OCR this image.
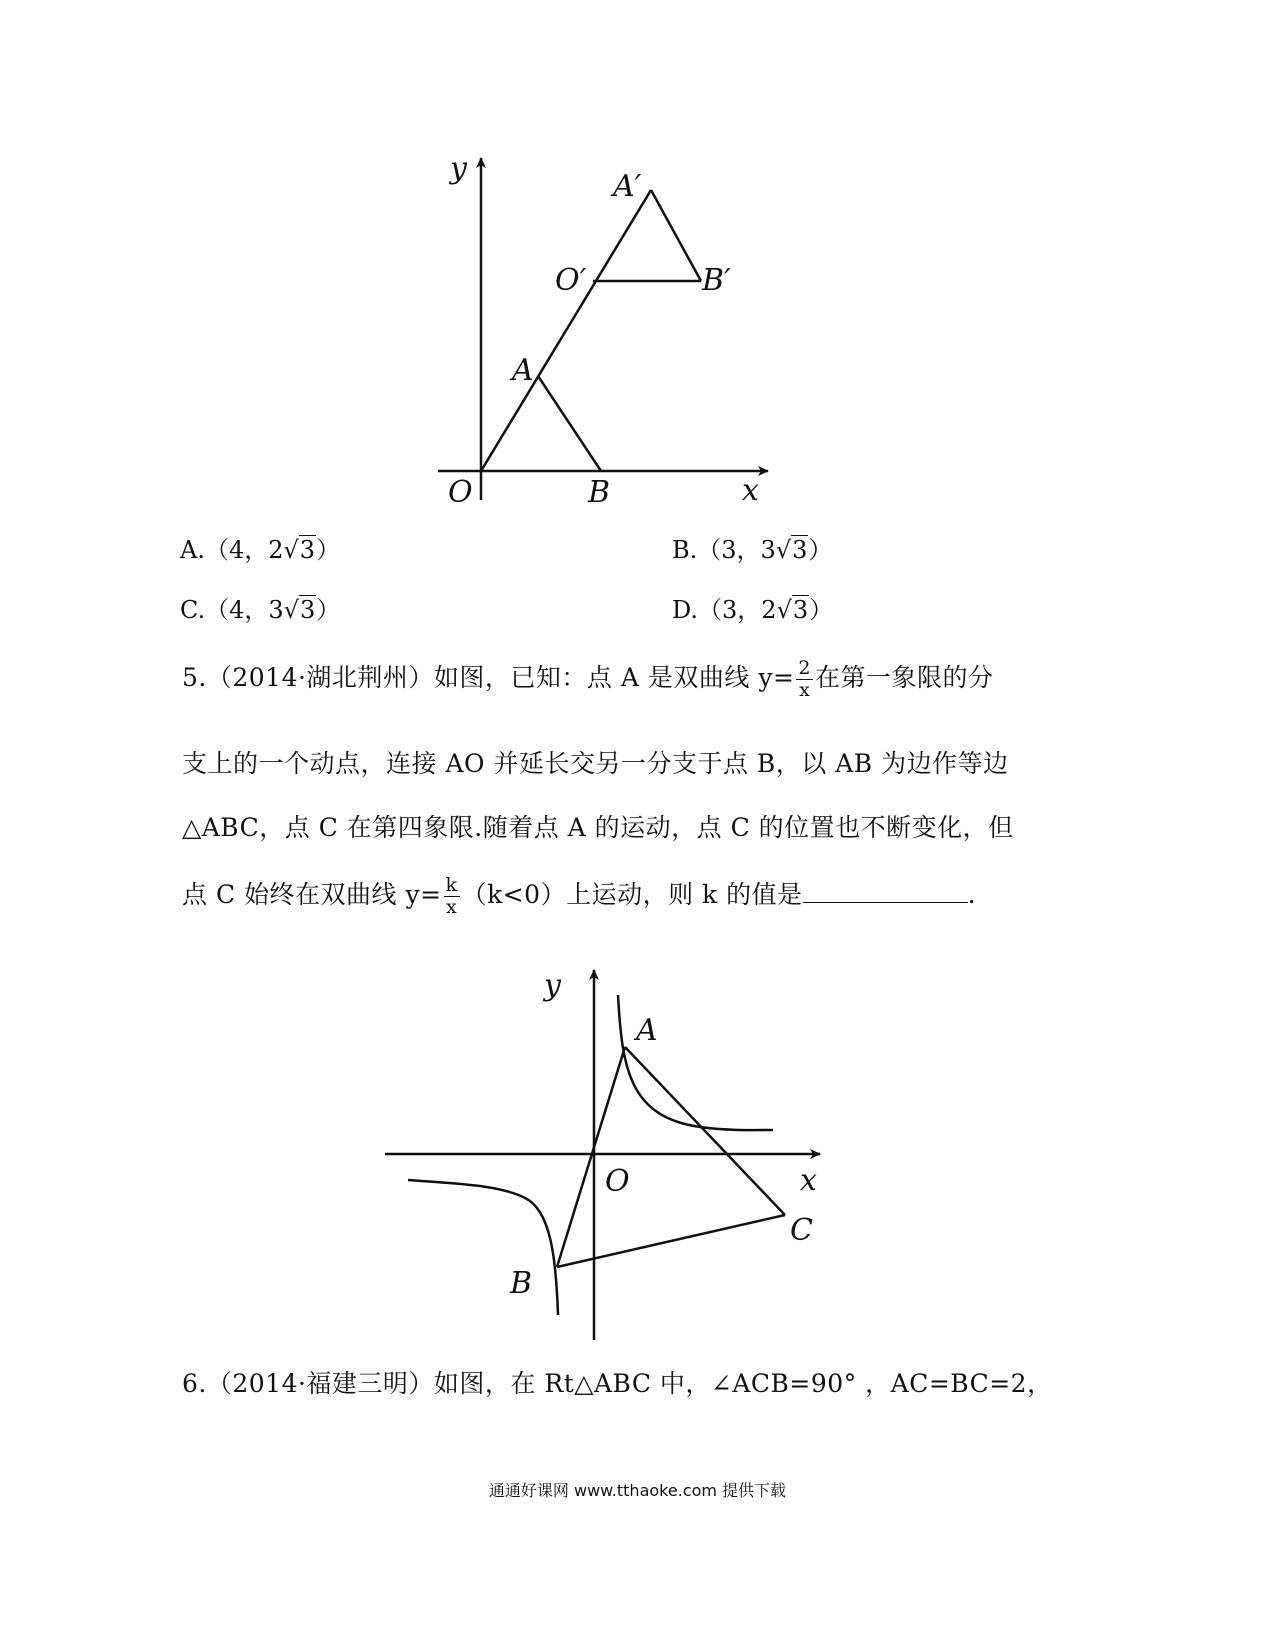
y
x
O	B
A
O′	B′
A′
A.（4，2√3）	B.（3，3√3）
C.（4，3√3）	D.（3，2√3）
5.（2014·湖北荆州）如图，已知：点 A 是双曲线 $y= \frac{2}{x}$ 在第一象限的分
支上的一个动点，连接 AO 并延长交另一分支于点 B，以 AB 为边作等边
△ABC，点 C 在第四象限.随着点 A 的运动，点 C 的位置也不断变化，但
点 C 始终在双曲线 $y= \frac{k}{x} (k<0)$上运动，则 k 的值是	.
y
x
O
A
B
C
6.（2014·福建三明）如图，在 Rt△ABC 中，∠ACB=90° ，AC=BC=2，
通通好课网 www.tthaoke.com 提供下载
